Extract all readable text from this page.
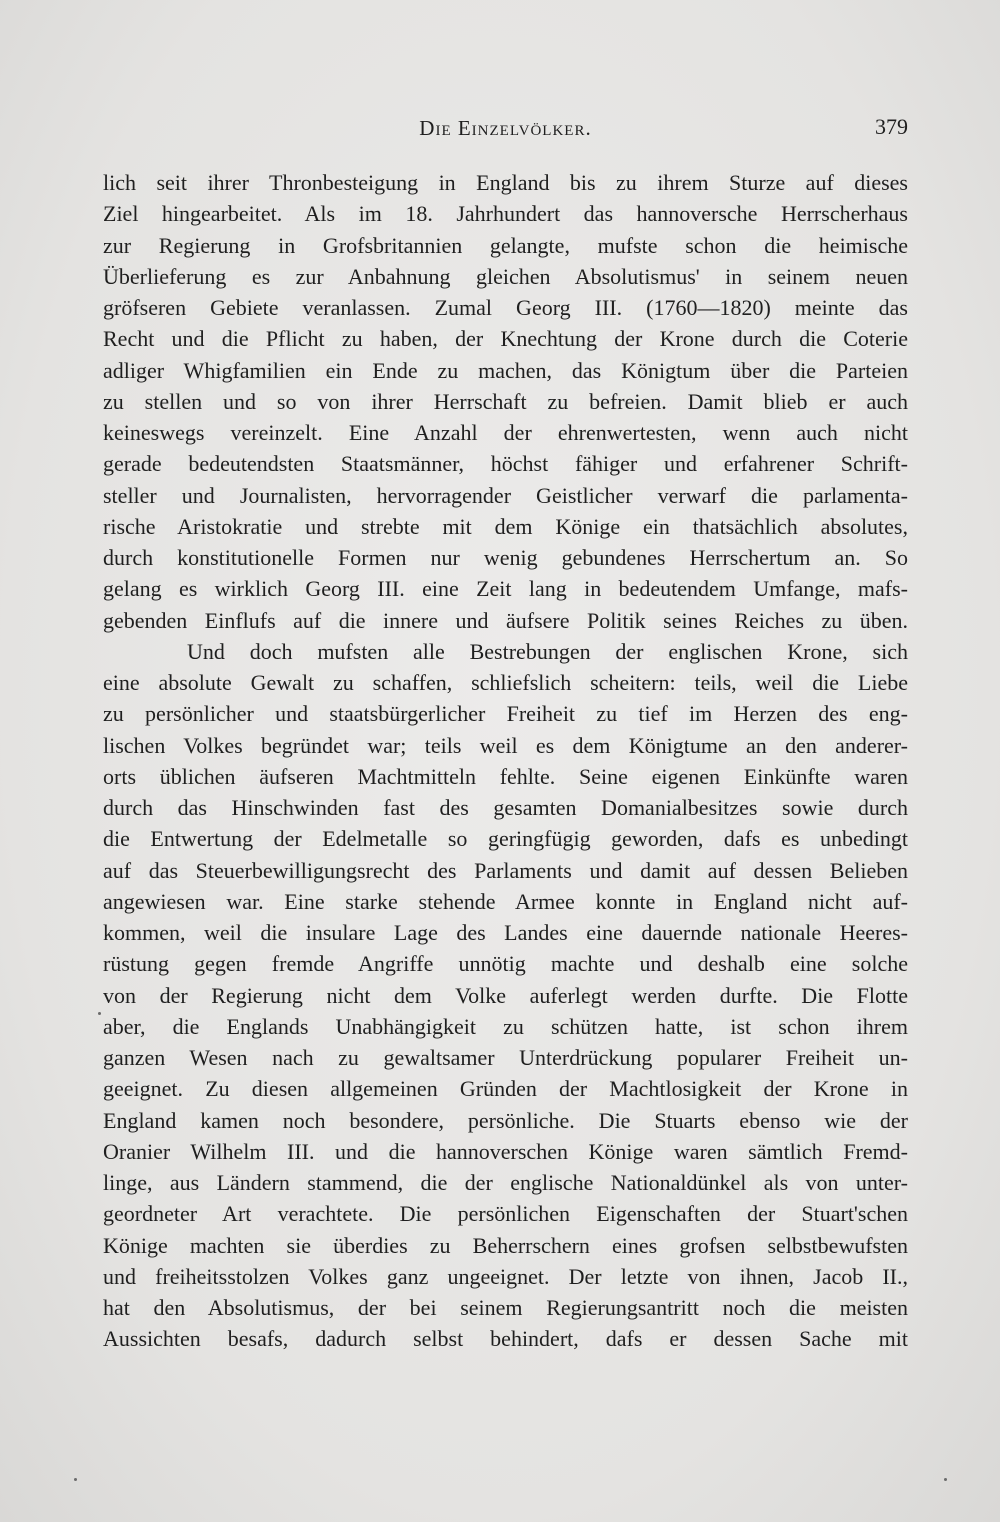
Die Einzelvölker.	379
lich seit ihrer Thronbesteigung in England bis zu ihrem Sturze auf dieses
Ziel hingearbeitet. Als im 18. Jahrhundert das hannoversche Herrscherhaus
zur Regierung in Grofsbritannien gelangte, mufste schon die heimische
Überlieferung es zur Anbahnung gleichen Absolutismus' in seinem neuen
gröfseren Gebiete veranlassen. Zumal Georg III. (1760—1820) meinte das
Recht und die Pflicht zu haben, der Knechtung der Krone durch die Coterie
adliger Whigfamilien ein Ende zu machen, das Königtum über die Parteien
zu stellen und so von ihrer Herrschaft zu befreien. Damit blieb er auch
keineswegs vereinzelt. Eine Anzahl der ehrenwertesten, wenn auch nicht
gerade bedeutendsten Staatsmänner, höchst fähiger und erfahrener Schrift-
steller und Journalisten, hervorragender Geistlicher verwarf die parlamenta-
rische Aristokratie und strebte mit dem Könige ein thatsächlich absolutes,
durch konstitutionelle Formen nur wenig gebundenes Herrschertum an. So
gelang es wirklich Georg III. eine Zeit lang in bedeutendem Umfange, mafs-
gebenden Einflufs auf die innere und äufsere Politik seines Reiches zu üben.
Und doch mufsten alle Bestrebungen der englischen Krone, sich
eine absolute Gewalt zu schaffen, schliefslich scheitern: teils, weil die Liebe
zu persönlicher und staatsbürgerlicher Freiheit zu tief im Herzen des eng-
lischen Volkes begründet war; teils weil es dem Königtume an den anderer-
orts üblichen äufseren Machtmitteln fehlte. Seine eigenen Einkünfte waren
durch das Hinschwinden fast des gesamten Domanialbesitzes sowie durch
die Entwertung der Edelmetalle so geringfügig geworden, dafs es unbedingt
auf das Steuerbewilligungsrecht des Parlaments und damit auf dessen Belieben
angewiesen war. Eine starke stehende Armee konnte in England nicht auf-
kommen, weil die insulare Lage des Landes eine dauernde nationale Heeres-
rüstung gegen fremde Angriffe unnötig machte und deshalb eine solche
von der Regierung nicht dem Volke auferlegt werden durfte. Die Flotte
aber, die Englands Unabhängigkeit zu schützen hatte, ist schon ihrem
ganzen Wesen nach zu gewaltsamer Unterdrückung popularer Freiheit un-
geeignet. Zu diesen allgemeinen Gründen der Machtlosigkeit der Krone in
England kamen noch besondere, persönliche. Die Stuarts ebenso wie der
Oranier Wilhelm III. und die hannoverschen Könige waren sämtlich Fremd-
linge, aus Ländern stammend, die der englische Nationaldünkel als von unter-
geordneter Art verachtete. Die persönlichen Eigenschaften der Stuart'schen
Könige machten sie überdies zu Beherrschern eines grofsen selbstbewufsten
und freiheitsstolzen Volkes ganz ungeeignet. Der letzte von ihnen, Jacob II.,
hat den Absolutismus, der bei seinem Regierungsantritt noch die meisten
Aussichten besafs, dadurch selbst behindert, dafs er dessen Sache mit
